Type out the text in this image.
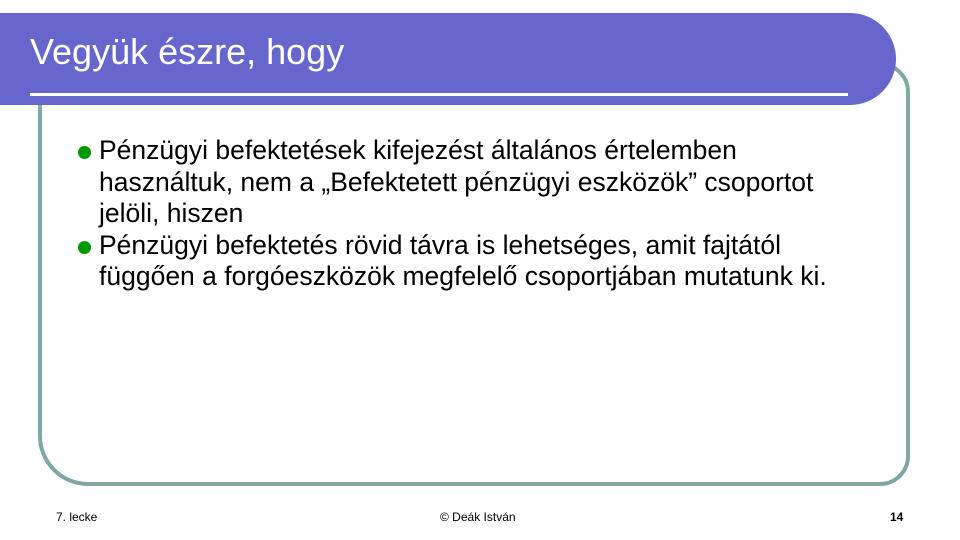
Vegyük észre, hogy
Pénzügyi befektetések kifejezést általános értelemben használtuk, nem a „Befektetett pénzügyi eszközök” csoportot jelöli, hiszen
Pénzügyi befektetés rövid távra is lehetséges, amit fajtától függően a forgóeszközök megfelelő csoportjában mutatunk ki.
7. lecke	© Deák István	14
